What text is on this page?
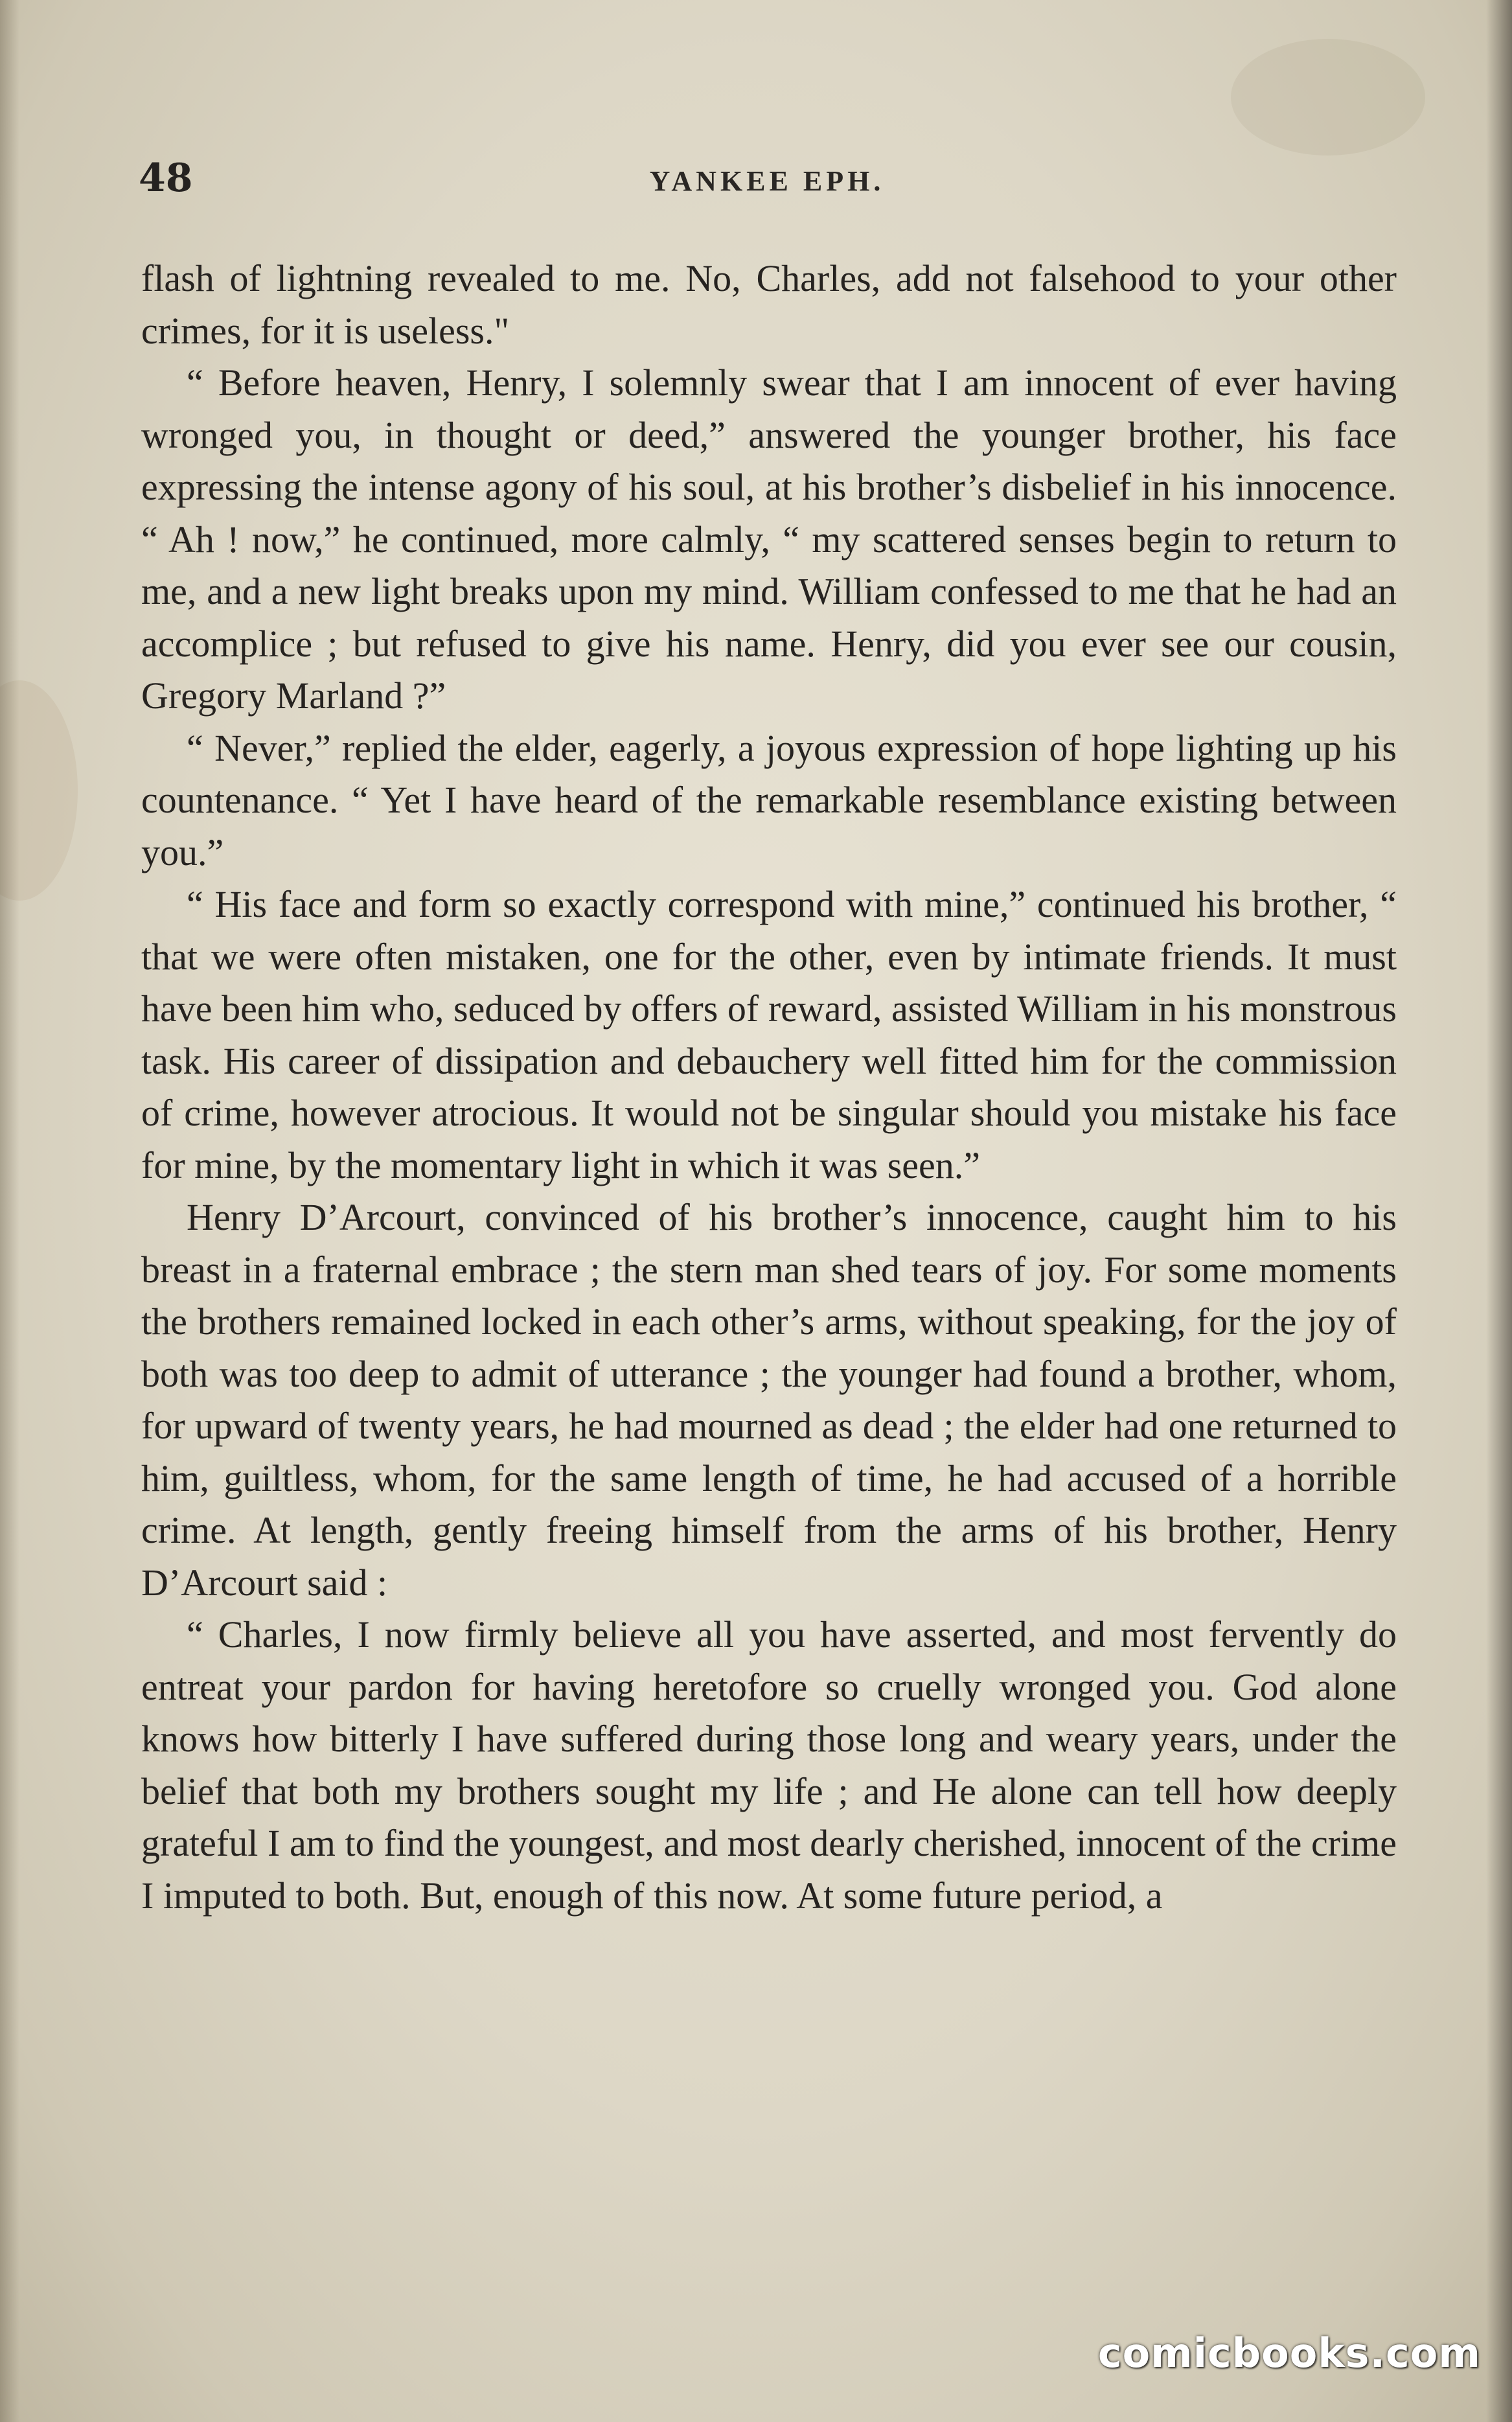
48	YANKEE EPH.

flash of lightning revealed to me. No, Charles, add not falsehood to your other crimes, for it is useless."

“ Before heaven, Henry, I solemnly swear that I am innocent of ever having wronged you, in thought or deed,” answered the younger brother, his face expressing the intense agony of his soul, at his brother’s disbelief in his innocence. “ Ah ! now,” he continued, more calmly, “ my scattered senses begin to return to me, and a new light breaks upon my mind. William confessed to me that he had an accomplice ; but refused to give his name. Henry, did you ever see our cousin, Gregory Marland ?”

“ Never,” replied the elder, eagerly, a joyous expression of hope lighting up his countenance. “ Yet I have heard of the remarkable resemblance existing between you.”

“ His face and form so exactly correspond with mine,” continued his brother, “ that we were often mistaken, one for the other, even by intimate friends. It must have been him who, seduced by offers of reward, assisted William in his monstrous task. His career of dissipation and debauchery well fitted him for the commission of crime, however atrocious. It would not be singular should you mistake his face for mine, by the momentary light in which it was seen.”

Henry D’Arcourt, convinced of his brother’s innocence, caught him to his breast in a fraternal embrace ; the stern man shed tears of joy. For some moments the brothers remained locked in each other’s arms, without speaking, for the joy of both was too deep to admit of utterance ; the younger had found a brother, whom, for upward of twenty years, he had mourned as dead ; the elder had one returned to him, guiltless, whom, for the same length of time, he had accused of a horrible crime. At length, gently freeing himself from the arms of his brother, Henry D’Arcourt said :

“ Charles, I now firmly believe all you have asserted, and most fervently do entreat your pardon for having heretofore so cruelly wronged you. God alone knows how bitterly I have suffered during those long and weary years, under the belief that both my brothers sought my life ; and He alone can tell how deeply grateful I am to find the youngest, and most dearly cherished, innocent of the crime I imputed to both. But, enough of this now. At some future period, a

comicbooks.com
